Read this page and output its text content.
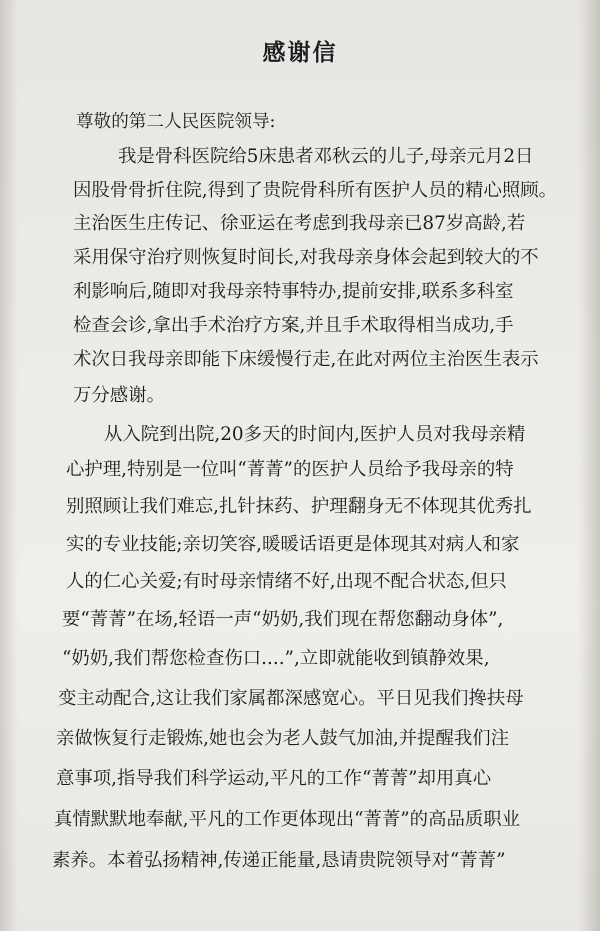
感谢信
尊敬的第二人民医院领导:
我是骨科医院给5床患者邓秋云的儿子,母亲元月2日
因股骨骨折住院,得到了贵院骨科所有医护人员的精心照顾。
主治医生庄传记、徐亚运在考虑到我母亲已87岁高龄,若
采用保守治疗则恢复时间长,对我母亲身体会起到较大的不
利影响后,随即对我母亲特事特办,提前安排,联系多科室
检查会诊,拿出手术治疗方案,并且手术取得相当成功,手
术次日我母亲即能下床缓慢行走,在此对两位主治医生表示
万分感谢。
从入院到出院,20多天的时间内,医护人员对我母亲精
心护理,特别是一位叫“菁菁”的医护人员给予我母亲的特
别照顾让我们难忘,扎针抹药、护理翻身无不体现其优秀扎
实的专业技能;亲切笑容,暖暖话语更是体现其对病人和家
人的仁心关爱;有时母亲情绪不好,出现不配合状态,但只
要“菁菁”在场,轻语一声“奶奶,我们现在帮您翻动身体”,
“奶奶,我们帮您检查伤口....”,立即就能收到镇静效果,
变主动配合,这让我们家属都深感宽心。平日见我们搀扶母
亲做恢复行走锻炼,她也会为老人鼓气加油,并提醒我们注
意事项,指导我们科学运动,平凡的工作“菁菁”却用真心
真情默默地奉献,平凡的工作更体现出“菁菁”的高品质职业
素养。本着弘扬精神,传递正能量,恳请贵院领导对“菁菁”
